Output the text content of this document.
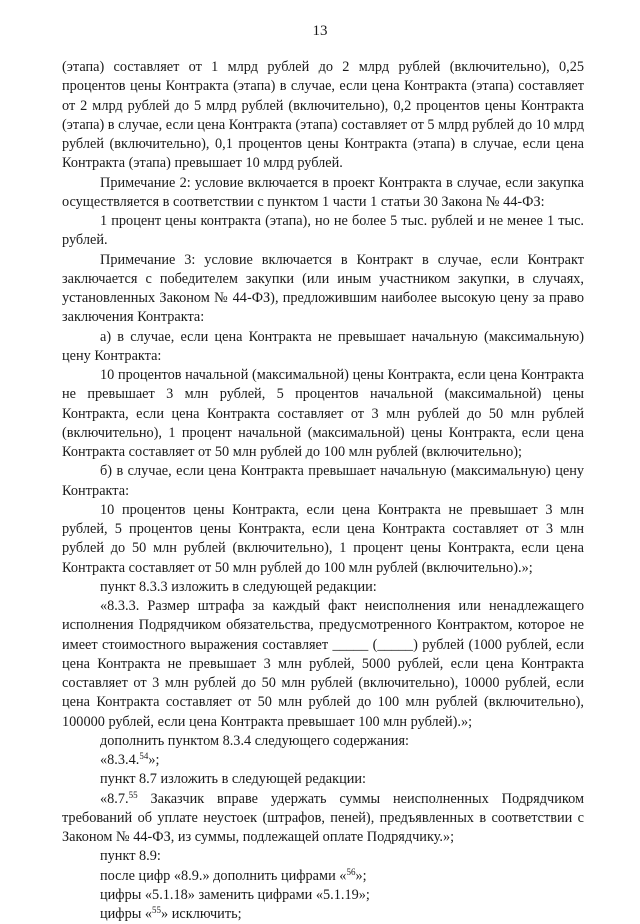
13

(этапа) составляет от 1 млрд рублей до 2 млрд рублей (включительно), 0,25 процентов цены Контракта (этапа) в случае, если цена Контракта (этапа) составляет от 2 млрд рублей до 5 млрд рублей (включительно), 0,2 процентов цены Контракта (этапа) в случае, если цена Контракта (этапа) составляет от 5 млрд рублей до 10 млрд рублей (включительно), 0,1 процентов цены Контракта (этапа) в случае, если цена Контракта (этапа) превышает 10 млрд рублей.

Примечание 2: условие включается в проект Контракта в случае, если закупка осуществляется в соответствии с пунктом 1 части 1 статьи 30 Закона № 44-ФЗ:

1 процент цены контракта (этапа), но не более 5 тыс. рублей и не менее 1 тыс. рублей.

Примечание 3: условие включается в Контракт в случае, если Контракт заключается с победителем закупки (или иным участником закупки, в случаях, установленных Законом № 44-ФЗ), предложившим наиболее высокую цену за право заключения Контракта:

а) в случае, если цена Контракта не превышает начальную (максимальную) цену Контракта:

10 процентов начальной (максимальной) цены Контракта, если цена Контракта не превышает 3 млн рублей, 5 процентов начальной (максимальной) цены Контракта, если цена Контракта составляет от 3 млн рублей до 50 млн рублей (включительно), 1 процент начальной (максимальной) цены Контракта, если цена Контракта составляет от 50 млн рублей до 100 млн рублей (включительно);

б) в случае, если цена Контракта превышает начальную (максимальную) цену Контракта:

10 процентов цены Контракта, если цена Контракта не превышает 3 млн рублей, 5 процентов цены Контракта, если цена Контракта составляет от 3 млн рублей до 50 млн рублей (включительно), 1 процент цены Контракта, если цена Контракта составляет от 50 млн рублей до 100 млн рублей (включительно).»;

пункт 8.3.3 изложить в следующей редакции:

«8.3.3. Размер штрафа за каждый факт неисполнения или ненадлежащего исполнения Подрядчиком обязательства, предусмотренного Контрактом, которое не имеет стоимостного выражения составляет _____ (_____) рублей (1000 рублей, если цена Контракта не превышает 3 млн рублей, 5000 рублей, если цена Контракта составляет от 3 млн рублей до 50 млн рублей (включительно), 10000 рублей, если цена Контракта составляет от 50 млн рублей до 100 млн рублей (включительно), 100000 рублей, если цена Контракта превышает 100 млн рублей).»;

дополнить пунктом 8.3.4 следующего содержания:

«8.3.4.54»;

пункт 8.7 изложить в следующей редакции:

«8.7.55 Заказчик вправе удержать суммы неисполненных Подрядчиком требований об уплате неустоек (штрафов, пеней), предъявленных в соответствии с Законом № 44-ФЗ, из суммы, подлежащей оплате Подрядчику.»;

пункт 8.9:

после цифр «8.9.» дополнить цифрами «$^{56}$»;

цифры «5.1.18» заменить цифрами «5.1.19»;

цифры «$^{55}$» исключить;
